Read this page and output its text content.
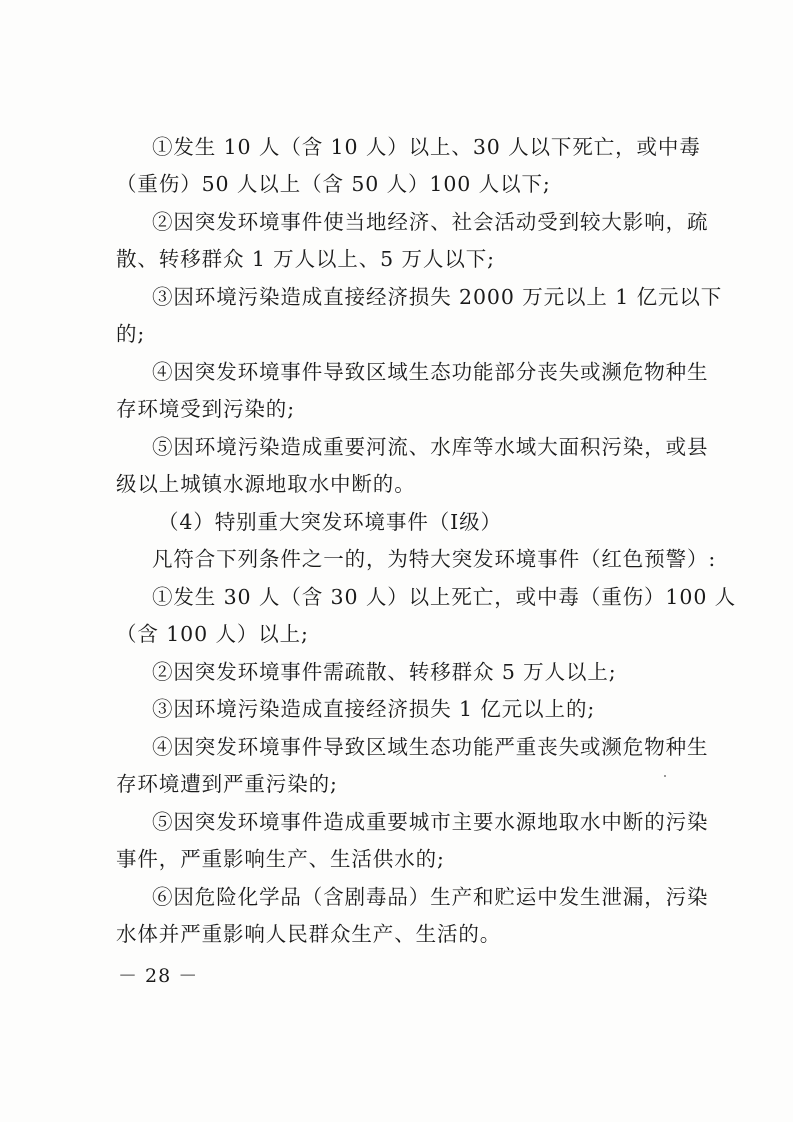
①发生 10 人（含 10 人）以上、30 人以下死亡，或中毒
（重伤）50 人以上（含 50 人）100 人以下;
②因突发环境事件使当地经济、社会活动受到较大影响，疏
散、转移群众 1 万人以上、5 万人以下;
③因环境污染造成直接经济损失 2000 万元以上 1 亿元以下
的;
④因突发环境事件导致区域生态功能部分丧失或濒危物种生
存环境受到污染的;
⑤因环境污染造成重要河流、水库等水域大面积污染，或县
级以上城镇水源地取水中断的。
（4）特别重大突发环境事件（Ⅰ级）
凡符合下列条件之一的，为特大突发环境事件（红色预警）:
①发生 30 人（含 30 人）以上死亡，或中毒（重伤）100 人
（含 100 人）以上;
②因突发环境事件需疏散、转移群众 5 万人以上;
③因环境污染造成直接经济损失 1 亿元以上的;
④因突发环境事件导致区域生态功能严重丧失或濒危物种生
存环境遭到严重污染的;
⑤因突发环境事件造成重要城市主要水源地取水中断的污染
事件，严重影响生产、生活供水的;
⑥因危险化学品（含剧毒品）生产和贮运中发生泄漏，污染
水体并严重影响人民群众生产、生活的。
－ 28 －
